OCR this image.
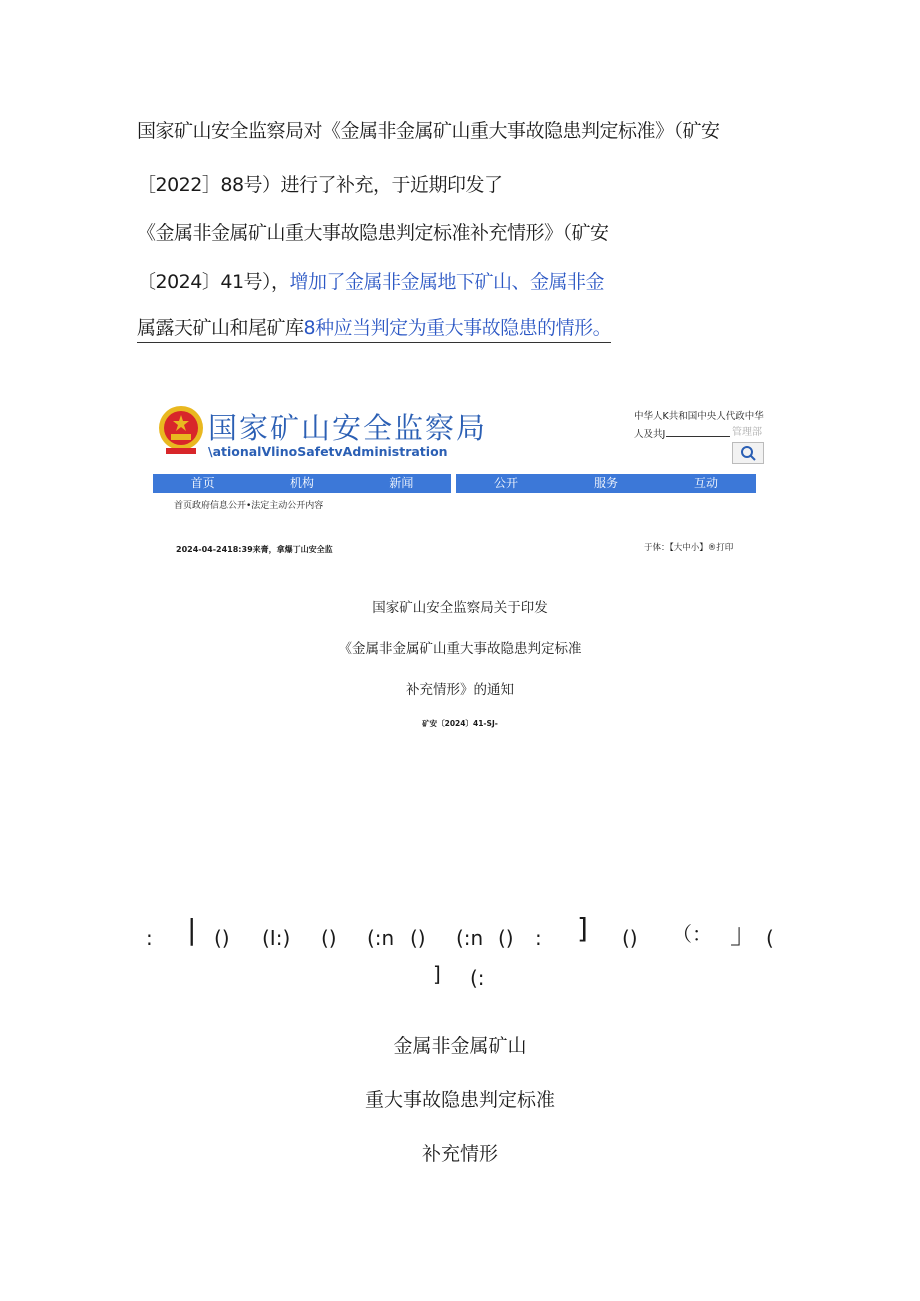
国家矿山安全监察局对《金属非金属矿山重大事故隐患判定标准》（矿安
［2022］88号）进行了补充，于近期印发了
《金属非金属矿山重大事故隐患判定标准补充情形》（矿安
〔2024〕41号），增加了金属非金属地下矿山、金属非金
属露天矿山和尾矿库8种应当判定为重大事故隐患的情形。
国家矿山安全监察局
\ationalVlinoSafetvAdministration
中华人K共和国中央人代政中华
人及共J	管理部
首页	机构	新闻	公开	服务	互动
首页政府信息公开•法定主动公开内容
2024-04-2418:39来膏，拿爆丁山安全监	于体：【大中小】®打印
国家矿山安全监察局关于印发
《金属非金属矿山重大事故隐患判定标准
补充情形》的通知
矿安〔2024〕41-SJ-
: | () (I:) () (:n () (:n () : ] () （： 」 (
] (:
金属非金属矿山
重大事故隐患判定标准
补充情形
